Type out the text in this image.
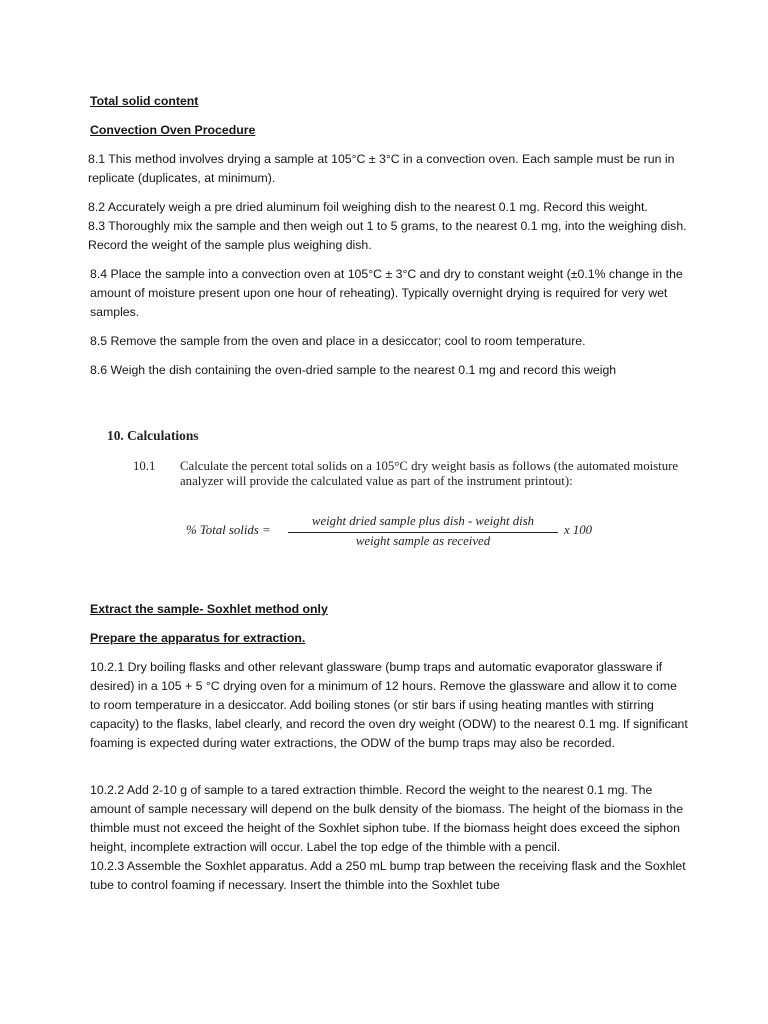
Total solid content

Convection Oven Procedure

8.1 This method involves drying a sample at 105°C ± 3°C in a convection oven. Each sample must be run in replicate (duplicates, at minimum).

8.2 Accurately weigh a pre dried aluminum foil weighing dish to the nearest 0.1 mg. Record this weight.

8.3 Thoroughly mix the sample and then weigh out 1 to 5 grams, to the nearest 0.1 mg, into the weighing dish. Record the weight of the sample plus weighing dish.

8.4 Place the sample into a convection oven at 105°C ± 3°C and dry to constant weight (±0.1% change in the amount of moisture present upon one hour of reheating). Typically overnight drying is required for very wet samples.

8.5 Remove the sample from the oven and place in a desiccator; cool to room temperature.

8.6 Weigh the dish containing the oven-dried sample to the nearest 0.1 mg and record this weigh

10. Calculations
10.1 Calculate the percent total solids on a 105°C dry weight basis as follows (the automated moisture analyzer will provide the calculated value as part of the instrument printout):
% Total solids =
weight dried sample plus dish - weight dish
weight sample as received
x 100

Extract the sample- Soxhlet method only

Prepare the apparatus for extraction.

10.2.1 Dry boiling flasks and other relevant glassware (bump traps and automatic evaporator glassware if desired) in a 105 + 5 °C drying oven for a minimum of 12 hours. Remove the glassware and allow it to come to room temperature in a desiccator. Add boiling stones (or stir bars if using heating mantles with stirring capacity) to the flasks, label clearly, and record the oven dry weight (ODW) to the nearest 0.1 mg. If significant foaming is expected during water extractions, the ODW of the bump traps may also be recorded.

10.2.2 Add 2-10 g of sample to a tared extraction thimble. Record the weight to the nearest 0.1 mg. The amount of sample necessary will depend on the bulk density of the biomass. The height of the biomass in the thimble must not exceed the height of the Soxhlet siphon tube. If the biomass height does exceed the siphon height, incomplete extraction will occur. Label the top edge of the thimble with a pencil.

10.2.3 Assemble the Soxhlet apparatus. Add a 250 mL bump trap between the receiving flask and the Soxhlet tube to control foaming if necessary. Insert the thimble into the Soxhlet tube
